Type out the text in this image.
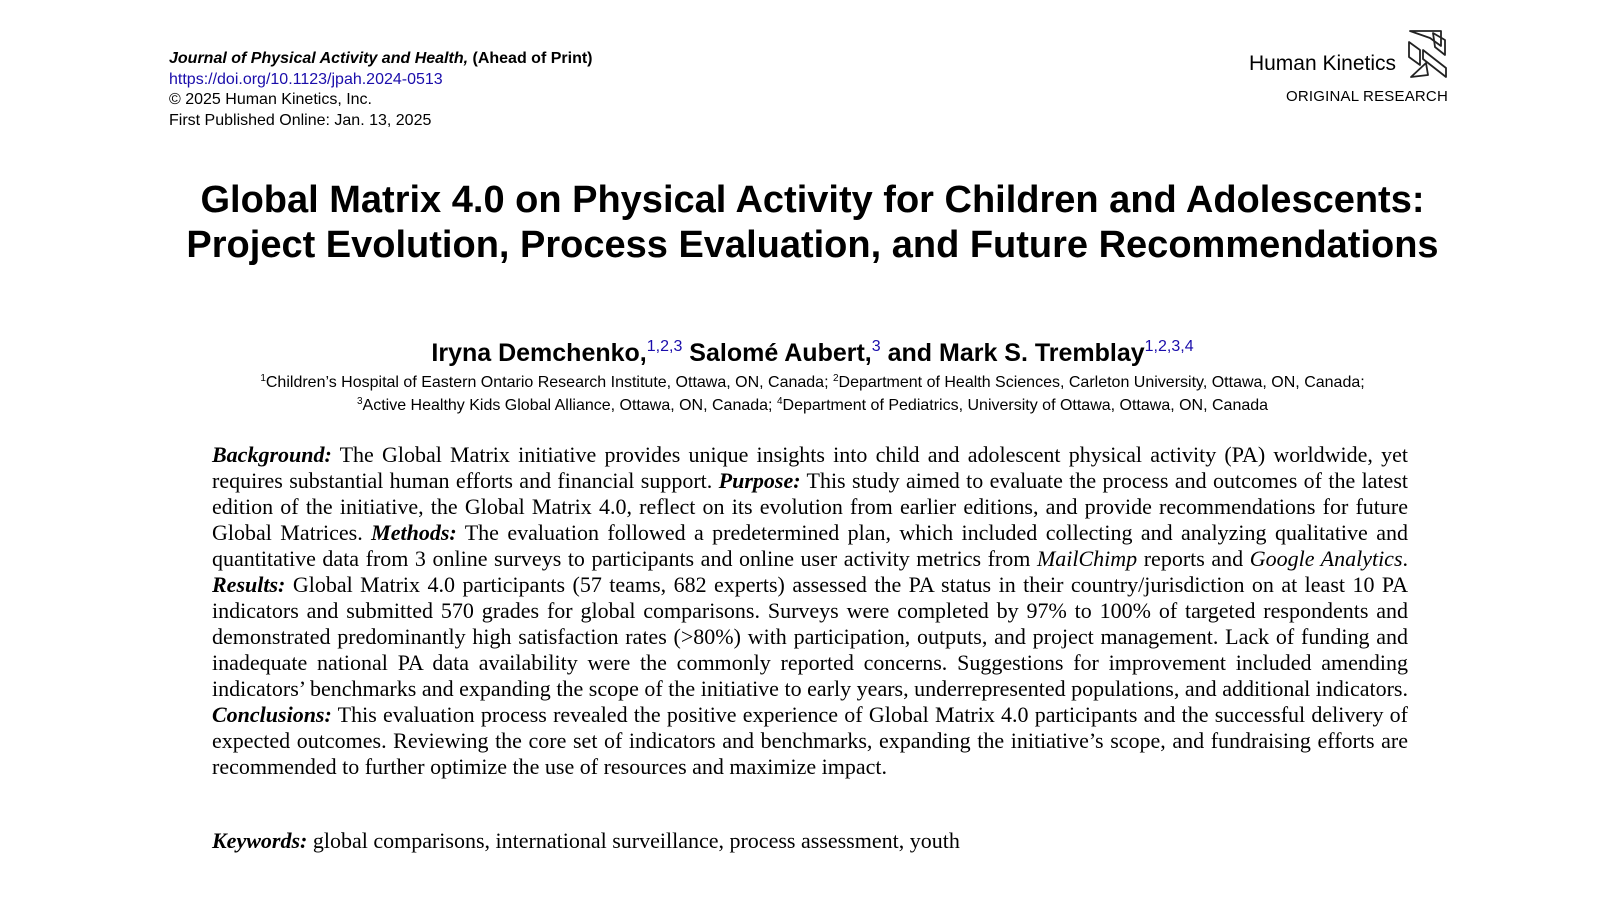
Journal of Physical Activity and Health, (Ahead of Print)
https://doi.org/10.1123/jpah.2024-0513
© 2025 Human Kinetics, Inc.
First Published Online: Jan. 13, 2025
Human Kinetics
ORIGINAL RESEARCH
Global Matrix 4.0 on Physical Activity for Children and Adolescents: Project Evolution, Process Evaluation, and Future Recommendations
Iryna Demchenko,$^{1,2,3}$ Salomé Aubert,$^3$ and Mark S. Tremblay$^{1,2,3,4}$
$^1$Children’s Hospital of Eastern Ontario Research Institute, Ottawa, ON, Canada; $^2$Department of Health Sciences, Carleton University, Ottawa, ON, Canada;
$^3$Active Healthy Kids Global Alliance, Ottawa, ON, Canada; $^4$Department of Pediatrics, University of Ottawa, Ottawa, ON, Canada

Background: The Global Matrix initiative provides unique insights into child and adolescent physical activity (PA) worldwide, yet requires substantial human efforts and financial support. Purpose: This study aimed to evaluate the process and outcomes of the latest edition of the initiative, the Global Matrix 4.0, reflect on its evolution from earlier editions, and provide recommendations for future Global Matrices. Methods: The evaluation followed a predetermined plan, which included collecting and analyzing qualitative and quantitative data from 3 online surveys to participants and online user activity metrics from MailChimp reports and Google Analytics. Results: Global Matrix 4.0 participants (57 teams, 682 experts) assessed the PA status in their country/jurisdiction on at least 10 PA indicators and submitted 570 grades for global comparisons. Surveys were completed by 97% to 100% of targeted respondents and demonstrated predominantly high satisfaction rates (>80%) with participation, outputs, and project management. Lack of funding and inadequate national PA data availability were the commonly reported concerns. Suggestions for improvement included amending indicators’ benchmarks and expanding the scope of the initiative to early years, underrepresented populations, and additional indicators. Conclusions: This evaluation process revealed the positive experience of Global Matrix 4.0 participants and the successful delivery of expected outcomes. Reviewing the core set of indicators and benchmarks, expanding the initiative’s scope, and fundraising efforts are recommended to further optimize the use of resources and maximize impact.

Keywords: global comparisons, international surveillance, process assessment, youth
